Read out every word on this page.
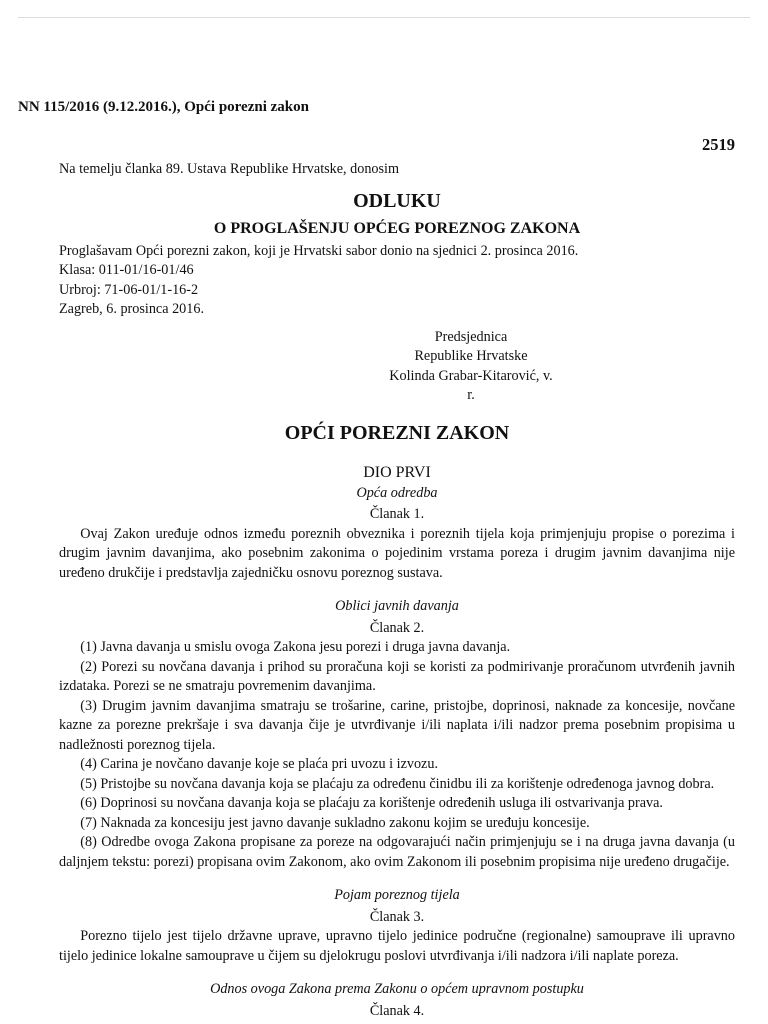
NN 115/2016 (9.12.2016.), Opći porezni zakon
2519

Na temelju članka 89. Ustava Republike Hrvatske, donosim

ODLUKU

O PROGLAŠENJU OPĆEG POREZNOG ZAKONA

Proglašavam Opći porezni zakon, koji je Hrvatski sabor donio na sjednici 2. prosinca 2016.

Klasa: 011-01/16-01/46

Urbroj: 71-06-01/1-16-2

Zagreb, 6. prosinca 2016.

Predsjednica

Republike Hrvatske

Kolinda Grabar-Kitarović, v. r.

OPĆI POREZNI ZAKON

DIO PRVI

Opća odredba

Članak 1.

Ovaj Zakon uređuje odnos između poreznih obveznika i poreznih tijela koja primjenjuju propise o porezima i drugim javnim davanjima, ako posebnim zakonima o pojedinim vrstama poreza i drugim javnim davanjima nije uređeno drukčije i predstavlja zajedničku osnovu poreznog sustava.

Oblici javnih davanja

Članak 2.

(1) Javna davanja u smislu ovoga Zakona jesu porezi i druga javna davanja.

(2) Porezi su novčana davanja i prihod su proračuna koji se koristi za podmirivanje proračunom utvrđenih javnih izdataka. Porezi se ne smatraju povremenim davanjima.

(3) Drugim javnim davanjima smatraju se trošarine, carine, pristojbe, doprinosi, naknade za koncesije, novčane kazne za porezne prekršaje i sva davanja čije je utvrđivanje i/ili naplata i/ili nadzor prema posebnim propisima u nadležnosti poreznog tijela.

(4) Carina je novčano davanje koje se plaća pri uvozu i izvozu.

(5) Pristojbe su novčana davanja koja se plaćaju za određenu činidbu ili za korištenje određenoga javnog dobra.

(6) Doprinosi su novčana davanja koja se plaćaju za korištenje određenih usluga ili ostvarivanja prava.

(7) Naknada za koncesiju jest javno davanje sukladno zakonu kojim se uređuju koncesije.

(8) Odredbe ovoga Zakona propisane za poreze na odgovarajući način primjenjuju se i na druga javna davanja (u daljnjem tekstu: porezi) propisana ovim Zakonom, ako ovim Zakonom ili posebnim propisima nije uređeno drugačije.

Pojam poreznog tijela

Članak 3.

Porezno tijelo jest tijelo državne uprave, upravno tijelo jedinice područne (regionalne) samouprave ili upravno tijelo jedinice lokalne samouprave u čijem su djelokrugu poslovi utvrđivanja i/ili nadzora i/ili naplate poreza.

Odnos ovoga Zakona prema Zakonu o općem upravnom postupku

Članak 4.
